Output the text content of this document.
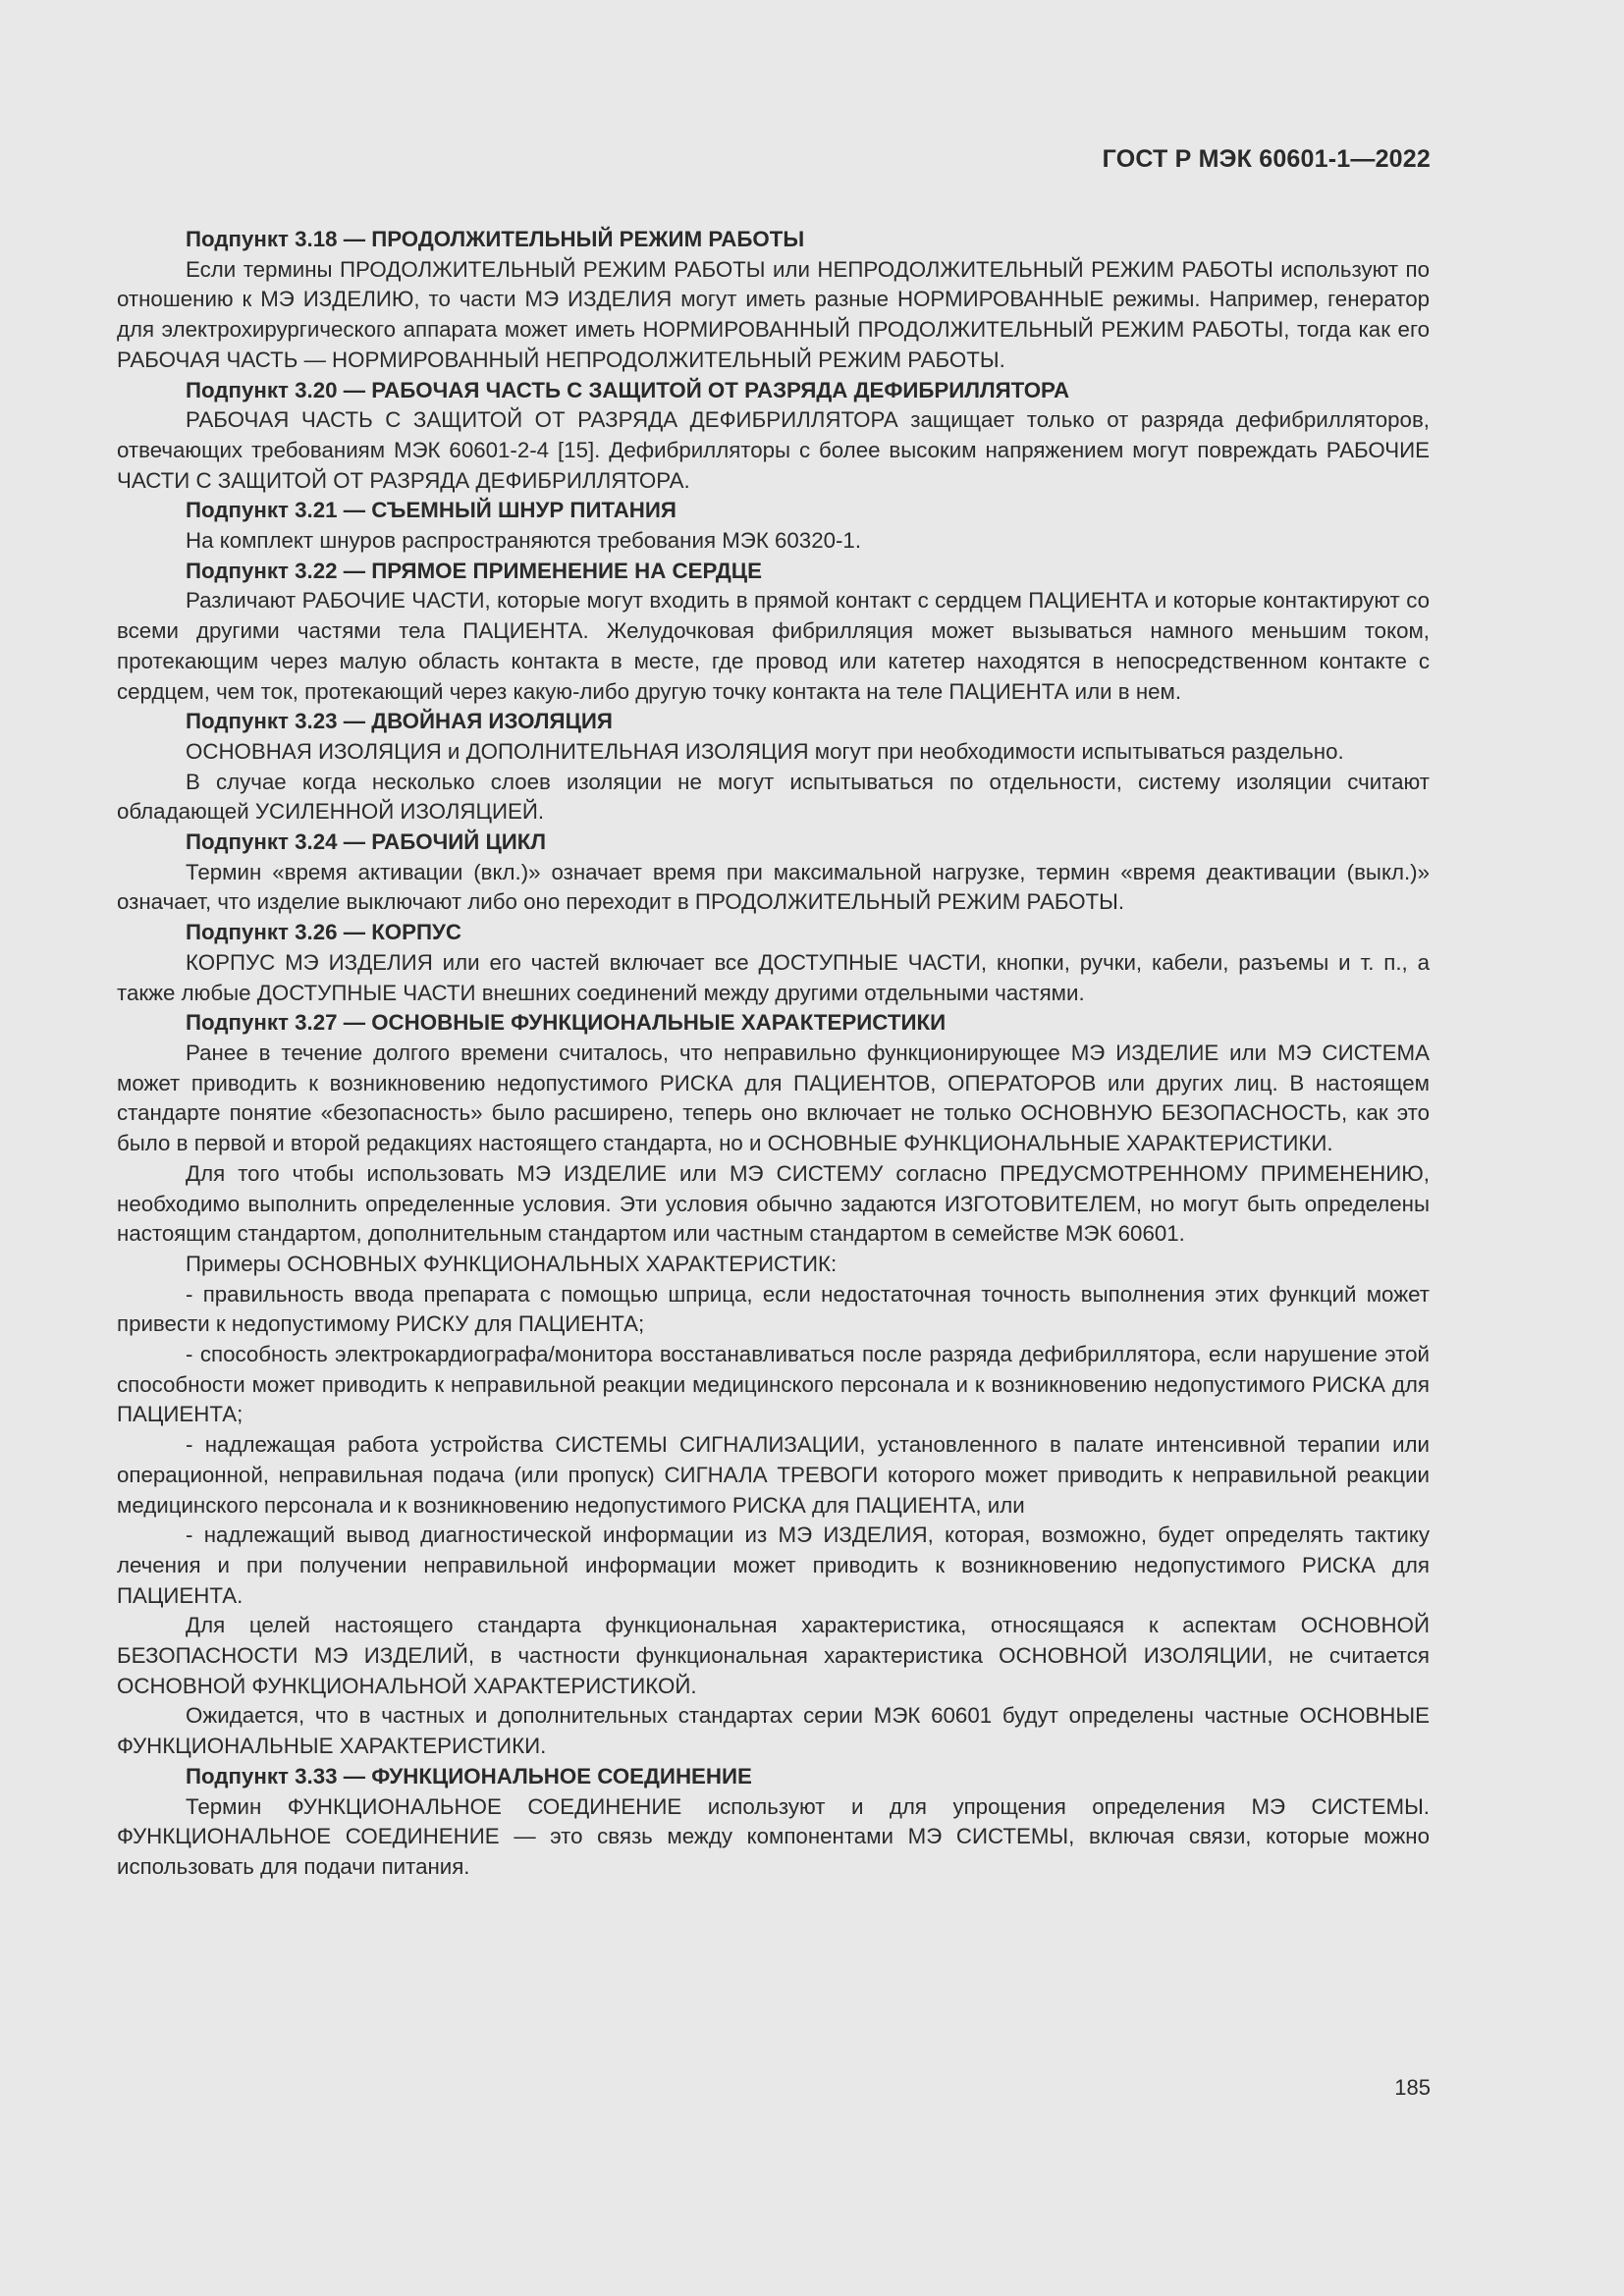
ГОСТ Р МЭК 60601-1—2022

Подпункт 3.18 — ПРОДОЛЖИТЕЛЬНЫЙ РЕЖИМ РАБОТЫ

Если термины ПРОДОЛЖИТЕЛЬНЫЙ РЕЖИМ РАБОТЫ или НЕПРОДОЛЖИТЕЛЬНЫЙ РЕЖИМ РАБОТЫ используют по отношению к МЭ ИЗДЕЛИЮ, то части МЭ ИЗДЕЛИЯ могут иметь разные НОРМИРОВАННЫЕ режимы. Например, генератор для электрохирургического аппарата может иметь НОРМИРОВАННЫЙ ПРОДОЛЖИТЕЛЬНЫЙ РЕЖИМ РАБОТЫ, тогда как его РАБОЧАЯ ЧАСТЬ — НОРМИРОВАННЫЙ НЕПРОДОЛЖИТЕЛЬНЫЙ РЕЖИМ РАБОТЫ.

Подпункт 3.20 — РАБОЧАЯ ЧАСТЬ С ЗАЩИТОЙ ОТ РАЗРЯДА ДЕФИБРИЛЛЯТОРА

РАБОЧАЯ ЧАСТЬ С ЗАЩИТОЙ ОТ РАЗРЯДА ДЕФИБРИЛЛЯТОРА защищает только от разряда дефибрилляторов, отвечающих требованиям МЭК 60601-2-4 [15]. Дефибрилляторы с более высоким напряжением могут повреждать РАБОЧИЕ ЧАСТИ С ЗАЩИТОЙ ОТ РАЗРЯДА ДЕФИБРИЛЛЯТОРА.

Подпункт 3.21 — СЪЕМНЫЙ ШНУР ПИТАНИЯ

На комплект шнуров распространяются требования МЭК 60320-1.

Подпункт 3.22 — ПРЯМОЕ ПРИМЕНЕНИЕ НА СЕРДЦЕ

Различают РАБОЧИЕ ЧАСТИ, которые могут входить в прямой контакт с сердцем ПАЦИЕНТА и которые контактируют со всеми другими частями тела ПАЦИЕНТА. Желудочковая фибрилляция может вызываться намного меньшим током, протекающим через малую область контакта в месте, где провод или катетер находятся в непосредственном контакте с сердцем, чем ток, протекающий через какую-либо другую точку контакта на теле ПАЦИЕНТА или в нем.

Подпункт 3.23 — ДВОЙНАЯ ИЗОЛЯЦИЯ

ОСНОВНАЯ ИЗОЛЯЦИЯ и ДОПОЛНИТЕЛЬНАЯ ИЗОЛЯЦИЯ могут при необходимости испытываться раздельно.

В случае когда несколько слоев изоляции не могут испытываться по отдельности, систему изоляции считают обладающей УСИЛЕННОЙ ИЗОЛЯЦИЕЙ.

Подпункт 3.24 — РАБОЧИЙ ЦИКЛ

Термин «время активации (вкл.)» означает время при максимальной нагрузке, термин «время деактивации (выкл.)» означает, что изделие выключают либо оно переходит в ПРОДОЛЖИТЕЛЬНЫЙ РЕЖИМ РАБОТЫ.

Подпункт 3.26 — КОРПУС

КОРПУС МЭ ИЗДЕЛИЯ или его частей включает все ДОСТУПНЫЕ ЧАСТИ, кнопки, ручки, кабели, разъемы и т. п., а также любые ДОСТУПНЫЕ ЧАСТИ внешних соединений между другими отдельными частями.

Подпункт 3.27 — ОСНОВНЫЕ ФУНКЦИОНАЛЬНЫЕ ХАРАКТЕРИСТИКИ

Ранее в течение долгого времени считалось, что неправильно функционирующее МЭ ИЗДЕЛИЕ или МЭ СИСТЕМА может приводить к возникновению недопустимого РИСКА для ПАЦИЕНТОВ, ОПЕРАТОРОВ или других лиц. В настоящем стандарте понятие «безопасность» было расширено, теперь оно включает не только ОСНОВНУЮ БЕЗОПАСНОСТЬ, как это было в первой и второй редакциях настоящего стандарта, но и ОСНОВНЫЕ ФУНКЦИОНАЛЬНЫЕ ХАРАКТЕРИСТИКИ.

Для того чтобы использовать МЭ ИЗДЕЛИЕ или МЭ СИСТЕМУ согласно ПРЕДУСМОТРЕННОМУ ПРИМЕНЕНИЮ, необходимо выполнить определенные условия. Эти условия обычно задаются ИЗГОТОВИТЕЛЕМ, но могут быть определены настоящим стандартом, дополнительным стандартом или частным стандартом в семействе МЭК 60601.

Примеры ОСНОВНЫХ ФУНКЦИОНАЛЬНЫХ ХАРАКТЕРИСТИК:

- правильность ввода препарата с помощью шприца, если недостаточная точность выполнения этих функций может привести к недопустимому РИСКУ для ПАЦИЕНТА;

- способность электрокардиографа/монитора восстанавливаться после разряда дефибриллятора, если нарушение этой способности может приводить к неправильной реакции медицинского персонала и к возникновению недопустимого РИСКА для ПАЦИЕНТА;

- надлежащая работа устройства СИСТЕМЫ СИГНАЛИЗАЦИИ, установленного в палате интенсивной терапии или операционной, неправильная подача (или пропуск) СИГНАЛА ТРЕВОГИ которого может приводить к неправильной реакции медицинского персонала и к возникновению недопустимого РИСКА для ПАЦИЕНТА, или

- надлежащий вывод диагностической информации из МЭ ИЗДЕЛИЯ, которая, возможно, будет определять тактику лечения и при получении неправильной информации может приводить к возникновению недопустимого РИСКА для ПАЦИЕНТА.

Для целей настоящего стандарта функциональная характеристика, относящаяся к аспектам ОСНОВНОЙ БЕЗОПАСНОСТИ МЭ ИЗДЕЛИЙ, в частности функциональная характеристика ОСНОВНОЙ ИЗОЛЯЦИИ, не считается ОСНОВНОЙ ФУНКЦИОНАЛЬНОЙ ХАРАКТЕРИСТИКОЙ.

Ожидается, что в частных и дополнительных стандартах серии МЭК 60601 будут определены частные ОСНОВНЫЕ ФУНКЦИОНАЛЬНЫЕ ХАРАКТЕРИСТИКИ.

Подпункт 3.33 — ФУНКЦИОНАЛЬНОЕ СОЕДИНЕНИЕ

Термин ФУНКЦИОНАЛЬНОЕ СОЕДИНЕНИЕ используют и для упрощения определения МЭ СИСТЕМЫ. ФУНКЦИОНАЛЬНОЕ СОЕДИНЕНИЕ — это связь между компонентами МЭ СИСТЕМЫ, включая связи, которые можно использовать для подачи питания.

185
